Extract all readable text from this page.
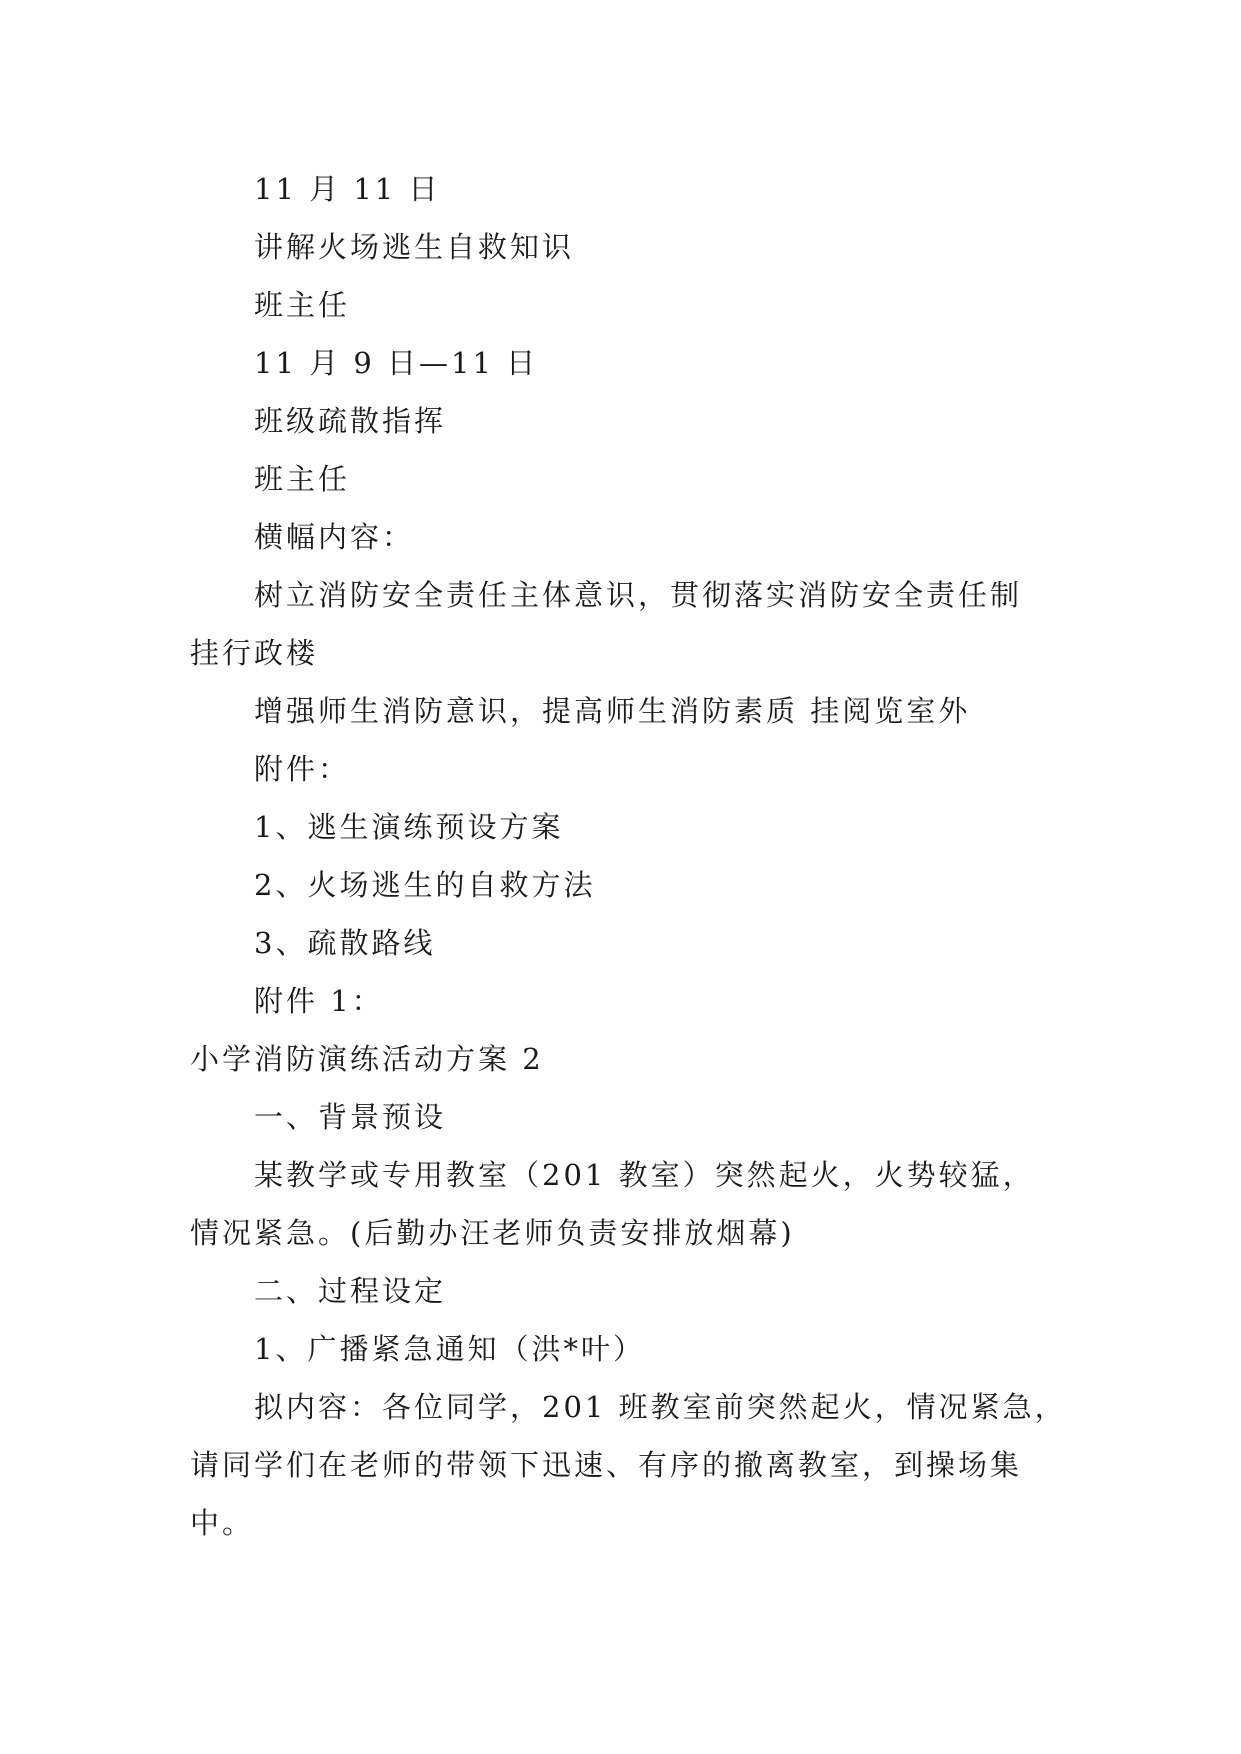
11 月 11 日
讲解火场逃生自救知识
班主任
11 月 9 日—11 日
班级疏散指挥
班主任
横幅内容：
树立消防安全责任主体意识，贯彻落实消防安全责任制
挂行政楼
增强师生消防意识，提高师生消防素质 挂阅览室外
附件：
1、逃生演练预设方案
2、火场逃生的自救方法
3、疏散路线
附件 1：
小学消防演练活动方案 2
一、背景预设
某教学或专用教室（201 教室）突然起火，火势较猛，
情况紧急。(后勤办汪老师负责安排放烟幕)
二、过程设定
1、广播紧急通知（洪*叶）
拟内容：各位同学，201 班教室前突然起火，情况紧急，
请同学们在老师的带领下迅速、有序的撤离教室，到操场集
中。
